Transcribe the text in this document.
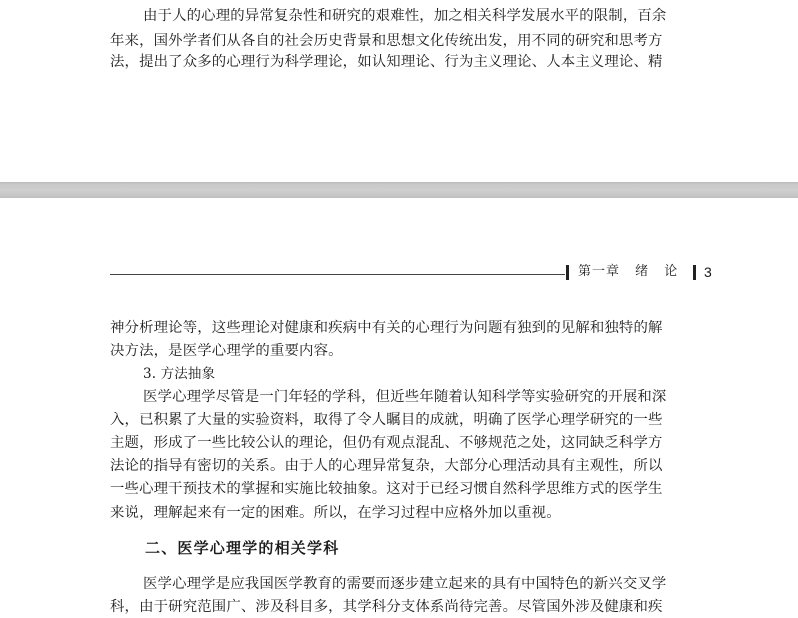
由于人的心理的异常复杂性和研究的艰难性，加之相关科学发展水平的限制，百余
年来，国外学者们从各自的社会历史背景和思想文化传统出发，用不同的研究和思考方
法，提出了众多的心理行为科学理论，如认知理论、行为主义理论、人本主义理论、精
第一章 绪 论 3
神分析理论等，这些理论对健康和疾病中有关的心理行为问题有独到的见解和独特的解
决方法，是医学心理学的重要内容。
3. 方法抽象
医学心理学尽管是一门年轻的学科，但近些年随着认知科学等实验研究的开展和深
入，已积累了大量的实验资料，取得了令人瞩目的成就，明确了医学心理学研究的一些
主题，形成了一些比较公认的理论，但仍有观点混乱、不够规范之处，这同缺乏科学方
法论的指导有密切的关系。由于人的心理异常复杂，大部分心理活动具有主观性，所以
一些心理干预技术的掌握和实施比较抽象。这对于已经习惯自然科学思维方式的医学生
来说，理解起来有一定的困难。所以，在学习过程中应格外加以重视。
二、医学心理学的相关学科
医学心理学是应我国医学教育的需要而逐步建立起来的具有中国特色的新兴交叉学
科，由于研究范围广、涉及科目多，其学科分支体系尚待完善。尽管国外涉及健康和疾
